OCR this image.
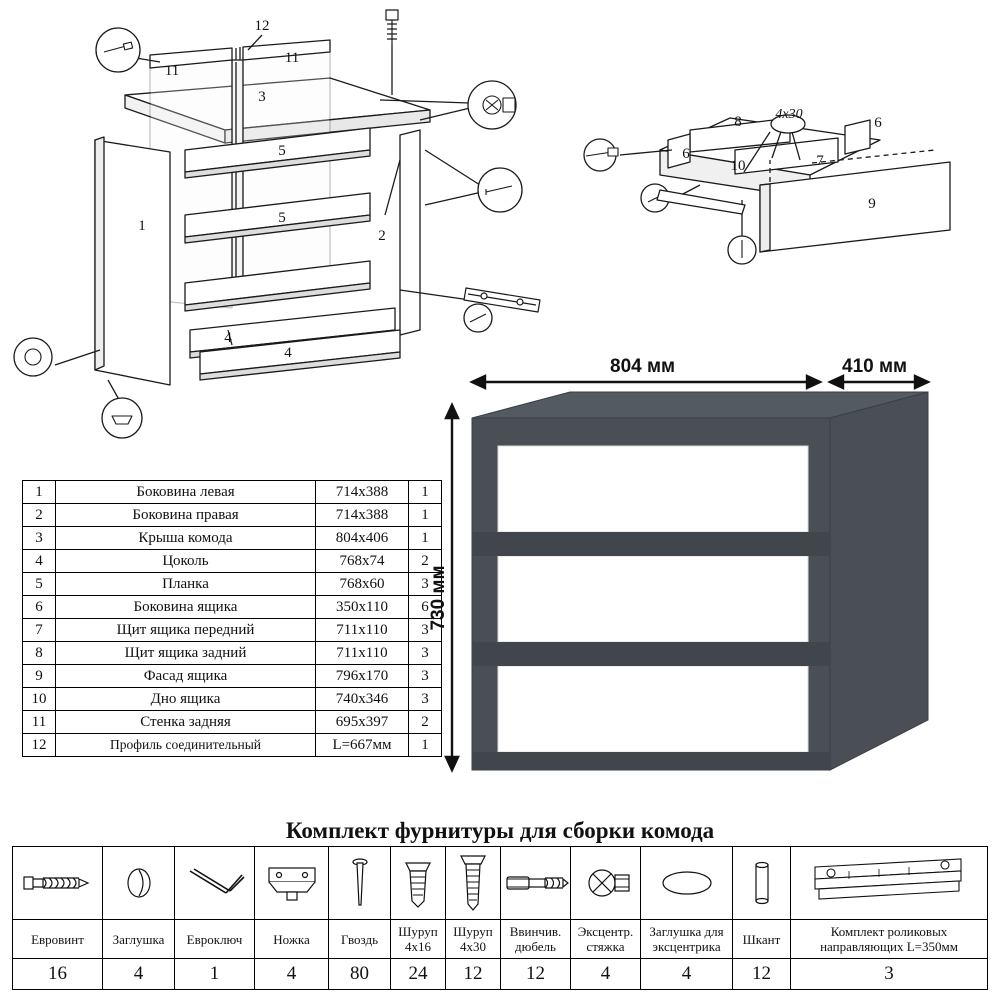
12
11
11
3
5
5
4
4
1
2
8
6
6
10	7
9
4х30
1	Боковина левая	714x388	1
2	Боковина правая	714x388	1
3	Крыша комода	804x406	1
4	Цоколь	768x74	2
5	Планка	768x60	3
6	Боковина ящика	350x110	6
7	Щит ящика передний	711x110	3
8	Щит ящика задний	711x110	3
9	Фасад ящика	796x170	3
10	Дно ящика	740x346	3
11	Стенка задняя	695x397	2
12	Профиль соединительный	L=667мм	1
804 мм	410 мм
730 мм
Комплект фурнитуры для сборки комода

Евровинт	Заглушка	Евроключ	Ножка	Гвоздь	Шуруп 4х16	Шуруп 4х30	Ввинчив. дюбель	Эксцентр. стяжка	Заглушка для эксцентрика	Шкант	Комплект роликовых направляющих L=350мм
16	4	1	4	80	24	12	12	4	4	12	3
